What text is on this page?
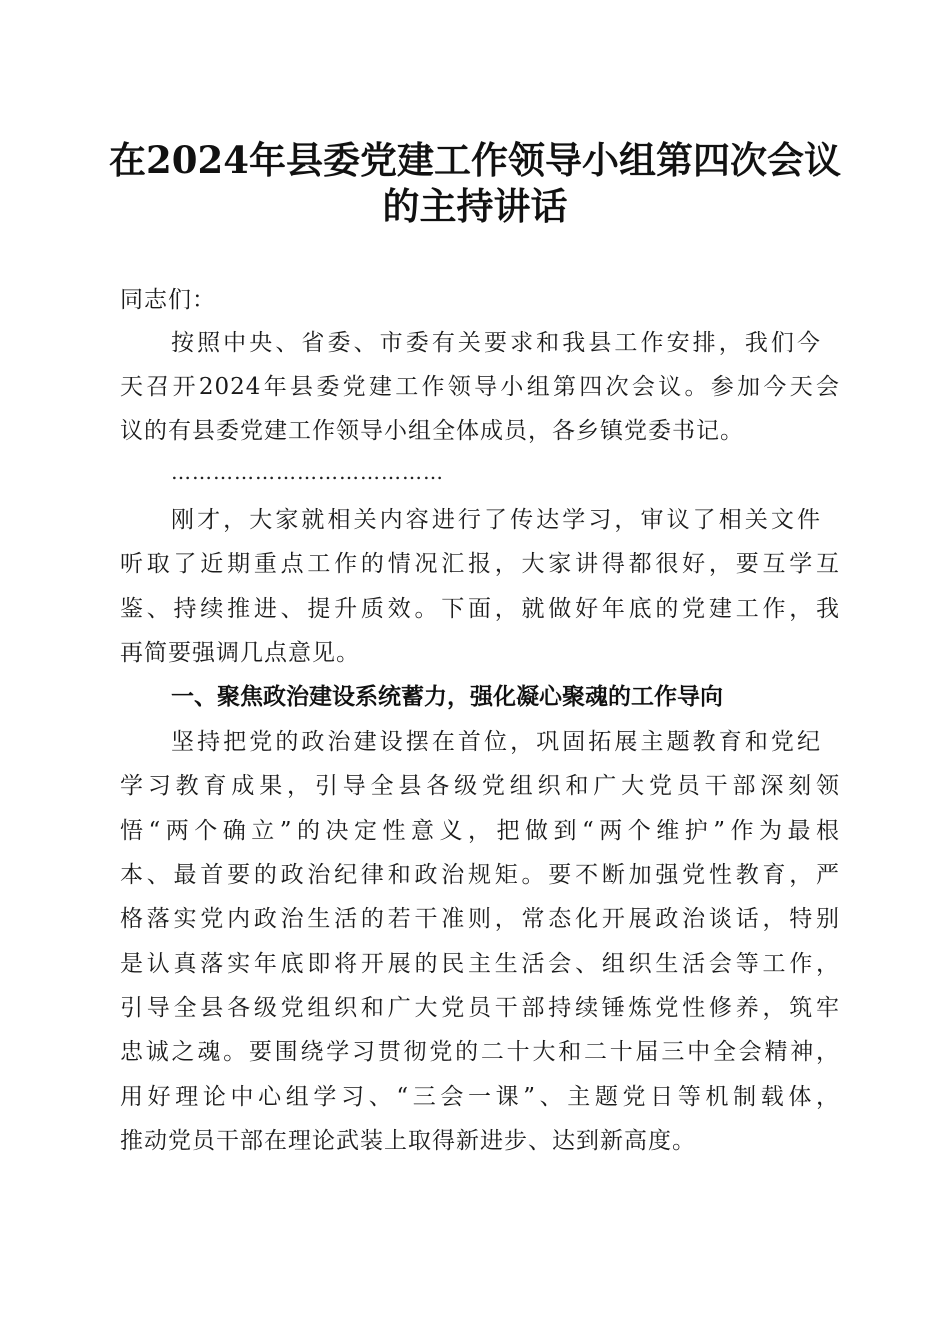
在2024年县委党建工作领导小组第四次会议
的主持讲话
同志们：
按照中央、省委、市委有关要求和我县工作安排，我们今
天召开2024年县委党建工作领导小组第四次会议。参加今天会
议的有县委党建工作领导小组全体成员，各乡镇党委书记。
…………………………………
刚才，大家就相关内容进行了传达学习，审议了相关文件
听取了近期重点工作的情况汇报，大家讲得都很好，要互学互
鉴、持续推进、提升质效。下面，就做好年底的党建工作，我
再简要强调几点意见。
一、聚焦政治建设系统蓄力，强化凝心聚魂的工作导向
坚持把党的政治建设摆在首位，巩固拓展主题教育和党纪
学习教育成果，引导全县各级党组织和广大党员干部深刻领
悟“两个确立”的决定性意义，把做到“两个维护”作为最根
本、最首要的政治纪律和政治规矩。要不断加强党性教育，严
格落实党内政治生活的若干准则，常态化开展政治谈话，特别
是认真落实年底即将开展的民主生活会、组织生活会等工作，
引导全县各级党组织和广大党员干部持续锤炼党性修养，筑牢
忠诚之魂。要围绕学习贯彻党的二十大和二十届三中全会精神，
用好理论中心组学习、“三会一课”、主题党日等机制载体，
推动党员干部在理论武装上取得新进步、达到新高度。
